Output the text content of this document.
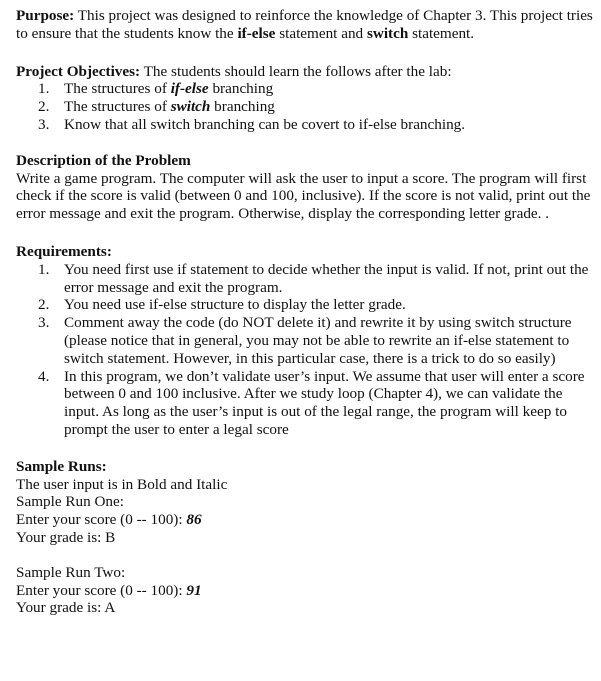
Purpose: This project was designed to reinforce the knowledge of Chapter 3. This project tries to ensure that the students know the if-else statement and switch statement.

Project Objectives: The students should learn the follows after the lab:

1. The structures of if-else branching
2. The structures of switch branching
3. Know that all switch branching can be covert to if-else branching.

Description of the Problem

Write a game program. The computer will ask the user to input a score. The program will first check if the score is valid (between 0 and 100, inclusive). If the score is not valid, print out the error message and exit the program. Otherwise, display the corresponding letter grade. .

Requirements:

1. You need first use if statement to decide whether the input is valid. If not, print out the error message and exit the program.
2. You need use if-else structure to display the letter grade.
3. Comment away the code (do NOT delete it) and rewrite it by using switch structure (please notice that in general, you may not be able to rewrite an if-else statement to switch statement. However, in this particular case, there is a trick to do so easily)
4. In this program, we don’t validate user’s input. We assume that user will enter a score between 0 and 100 inclusive. After we study loop (Chapter 4), we can validate the input. As long as the user’s input is out of the legal range, the program will keep to prompt the user to enter a legal score

Sample Runs:

The user input is in Bold and Italic

Sample Run One:

Enter your score (0 -- 100): 86

Your grade is: B

Sample Run Two:

Enter your score (0 -- 100): 91

Your grade is: A
